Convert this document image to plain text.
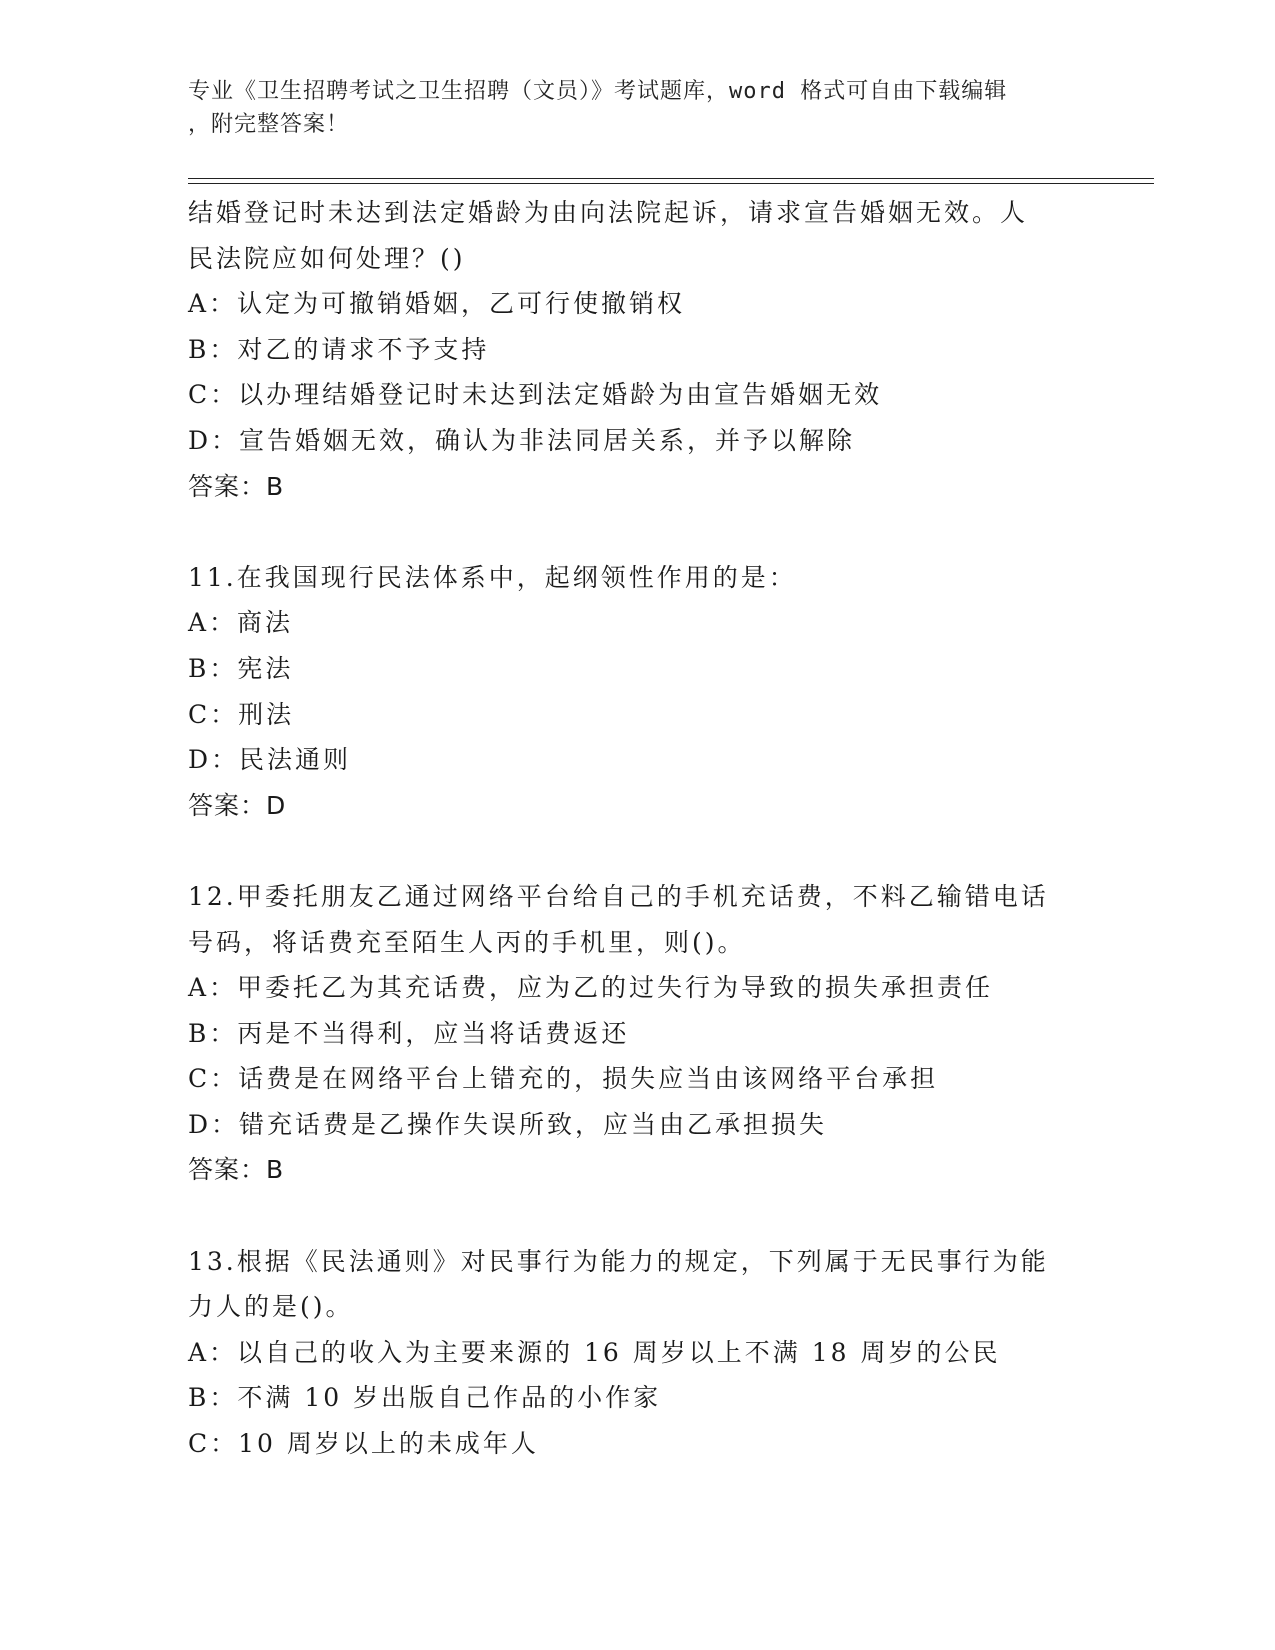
专业《卫生招聘考试之卫生招聘（文员）》考试题库，word 格式可自由下载编辑
，附完整答案！
结婚登记时未达到法定婚龄为由向法院起诉，请求宣告婚姻无效。人
民法院应如何处理？()
A：认定为可撤销婚姻，乙可行使撤销权
B：对乙的请求不予支持
C：以办理结婚登记时未达到法定婚龄为由宣告婚姻无效
D：宣告婚姻无效，确认为非法同居关系，并予以解除
答案：B
11.在我国现行民法体系中，起纲领性作用的是：
A：商法
B：宪法
C：刑法
D：民法通则
答案：D
12.甲委托朋友乙通过网络平台给自己的手机充话费，不料乙输错电话
号码，将话费充至陌生人丙的手机里，则()。
A：甲委托乙为其充话费，应为乙的过失行为导致的损失承担责任
B：丙是不当得利，应当将话费返还
C：话费是在网络平台上错充的，损失应当由该网络平台承担
D：错充话费是乙操作失误所致，应当由乙承担损失
答案：B
13.根据《民法通则》对民事行为能力的规定，下列属于无民事行为能
力人的是()。
A：以自己的收入为主要来源的 16 周岁以上不满 18 周岁的公民
B：不满 10 岁出版自己作品的小作家
C：10 周岁以上的未成年人
